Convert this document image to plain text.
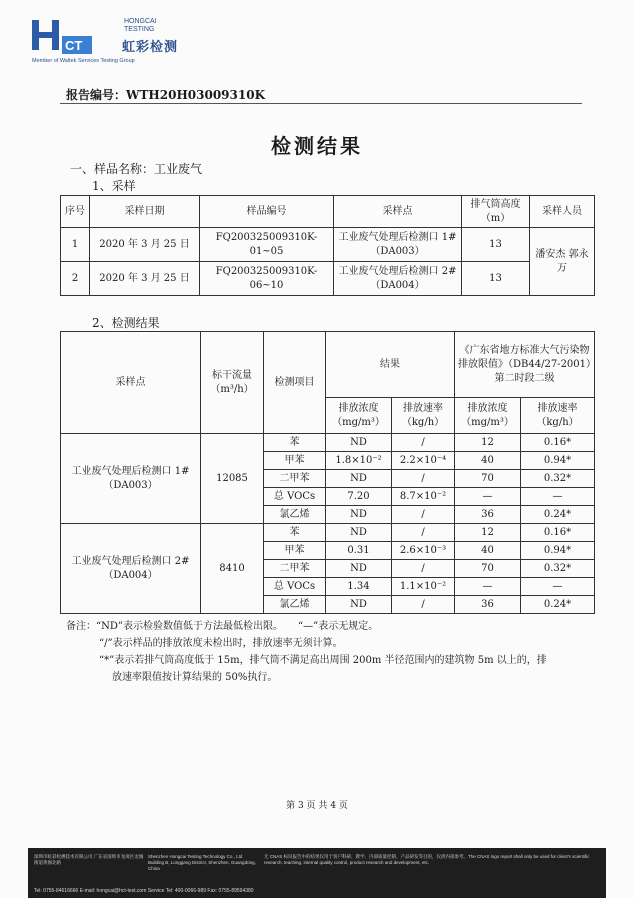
CT
HONGCAI TESTING
虹彩检测
Member of Waltek Services Testing Group
报告编号：WTH20H03009310K
检测结果
一、样品名称：工业废气
1、采样
序号	采样日期	样品编号	采样点	排气筒高度（m）	采样人员
1	2020 年 3 月 25 日	FQ200325009310K-01~05	工业废气处理后检测口 1#（DA003）	13	潘安杰 郭永万
2	2020 年 3 月 25 日	FQ200325009310K-06~10	工业废气处理后检测口 2#（DA004）	13	
2、检测结果
采样点	标干流量（m³/h）	检测项目	结果		《广东省地方标准大气污染物排放限值》（DB44/27-2001）第二时段二级	
			排放浓度（mg/m³）	排放速率（kg/h）	排放浓度（mg/m³）	排放速率（kg/h）
工业废气处理后检测口 1#（DA003）	12085	苯	ND	/	12	0.16*
		甲苯	1.8×10⁻²	2.2×10⁻⁴	40	0.94*
		二甲苯	ND	/	70	0.32*
		总 VOCs	7.20	8.7×10⁻²	—	—
		氯乙烯	ND	/	36	0.24*
工业废气处理后检测口 2#（DA004）	8410	苯	ND	/	12	0.16*
		甲苯	0.31	2.6×10⁻³	40	0.94*
		二甲苯	ND	/	70	0.32*
		总 VOCs	1.34	1.1×10⁻²	—	—
		氯乙烯	ND	/	36	0.24*
备注：“ND”表示检验数值低于方法最低检出限。　　“—”表示无规定。
“/”表示样品的排放浓度未检出时，排放速率无须计算。
“*”表示若排气筒高度低于 15m，排气筒不满足高出周围 200m 半径范围内的建筑物 5m 以上的，排
放速率限值按计算结果的 50%执行。
第 3 页 共 4 页
深圳市虹彩检测技术有限公司 广东省深圳市龙岗区龙城街道黄阁北路
Shenzhen Hongcai Testing Technology Co., Ltd Building B, Longgang District, Shenzhen, Guangdong, China
无 CNAS 标识报告中的结果仅用于客户科研、教学、内部质量控制、产品研发等目的，仅供内部参考。The CNAS logo report shall only be used for client's scientific research, teaching, internal quality control, product research and development, etc.
Tel: 0755-84616666 E-mail: hongcai@hct-test.com Service Tel: 400-0066-989 Fax: 0755-89594380
